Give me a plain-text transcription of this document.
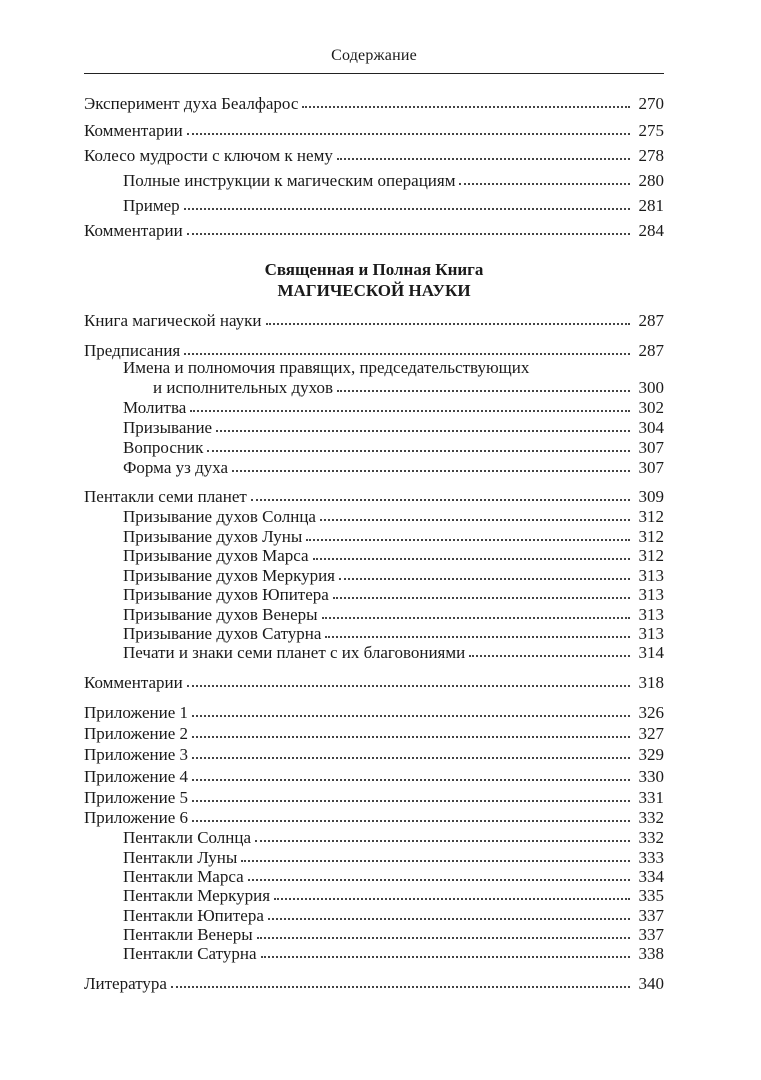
Содержание
Священная и Полная Книга
МАГИЧЕСКОЙ НАУКИ
Эксперимент духа Беалфарос	270
Комментарии	275
Колесо мудрости с ключом к нему	278
Полные инструкции к магическим операциям	280
Пример	281
Комментарии	284
Книга магической науки	287
Предписания	287
Имена и полномочия правящих, председательствующих
и исполнительных духов	300
Молитва	302
Призывание	304
Вопросник	307
Форма уз духа	307
Пентакли семи планет	309
Призывание духов Солнца	312
Призывание духов Луны	312
Призывание духов Марса	312
Призывание духов Меркурия	313
Призывание духов Юпитера	313
Призывание духов Венеры	313
Призывание духов Сатурна	313
Печати и знаки семи планет с их благовониями	314
Комментарии	318
Приложение 1	326
Приложение 2	327
Приложение 3	329
Приложение 4	330
Приложение 5	331
Приложение 6	332
Пентакли Солнца	332
Пентакли Луны	333
Пентакли Марса	334
Пентакли Меркурия	335
Пентакли Юпитера	337
Пентакли Венеры	337
Пентакли Сатурна	338
Литература	340
